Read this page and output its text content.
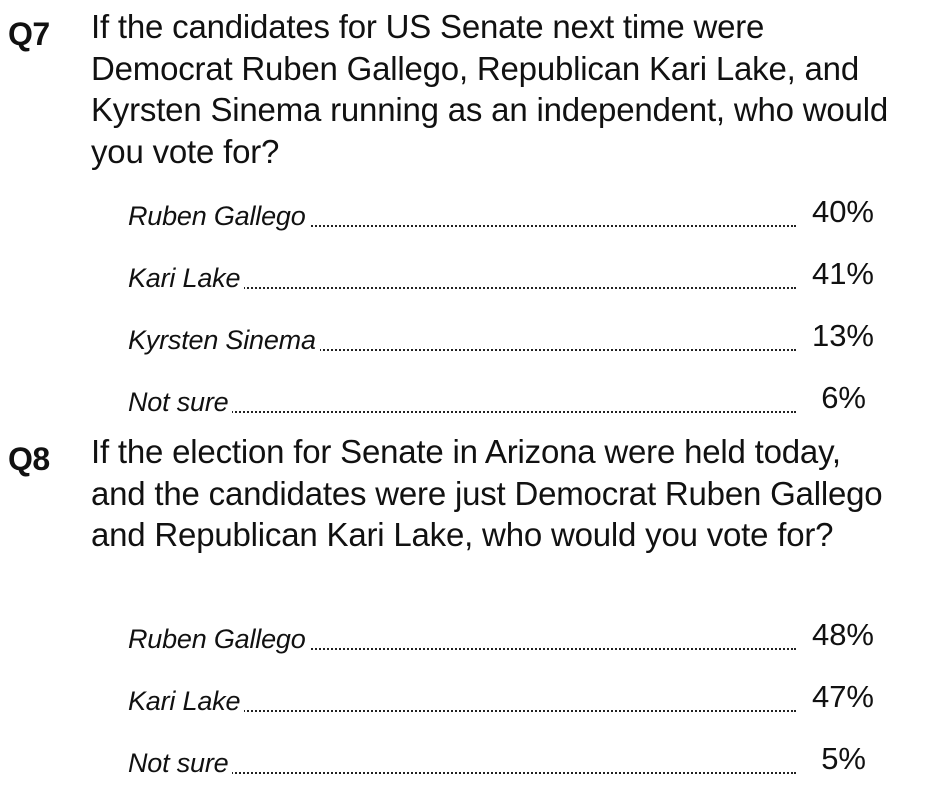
Q7 If the candidates for US Senate next time were Democrat Ruben Gallego, Republican Kari Lake, and Kyrsten Sinema running as an independent, who would you vote for?
Ruben Gallego	40%
Kari Lake	41%
Kyrsten Sinema	13%
Not sure	6%
Q8 If the election for Senate in Arizona were held today, and the candidates were just Democrat Ruben Gallego and Republican Kari Lake, who would you vote for?
Ruben Gallego	48%
Kari Lake	47%
Not sure	5%
